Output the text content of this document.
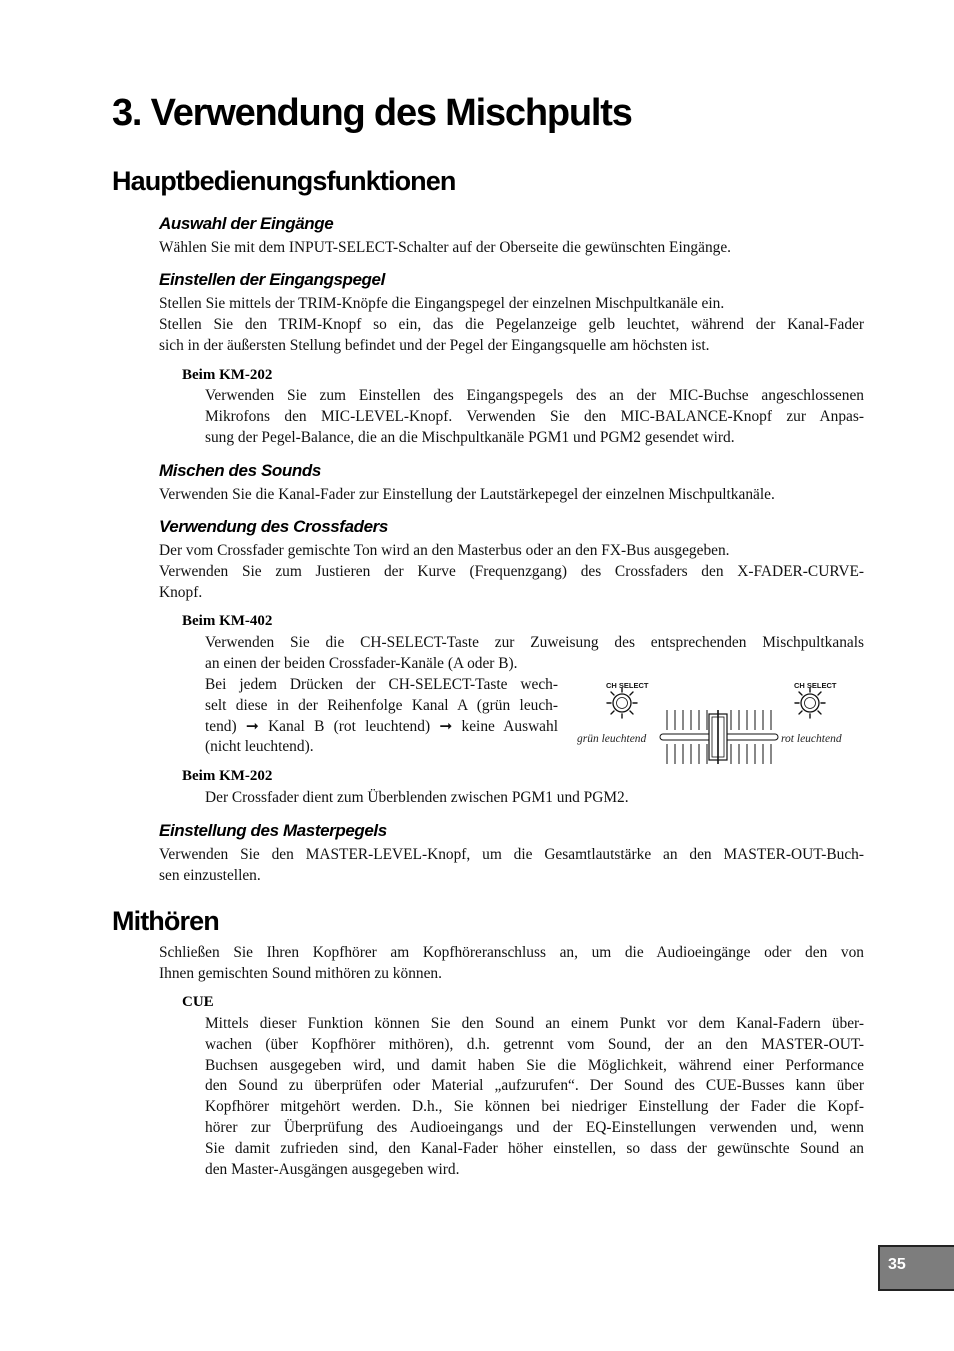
3. Verwendung des Mischpults
Hauptbedienungsfunktionen
Auswahl der Eingänge
Wählen Sie mit dem INPUT-SELECT-Schalter auf der Oberseite die gewünschten Eingänge.
Einstellen der Eingangspegel
Stellen Sie mittels der TRIM-Knöpfe die Eingangspegel der einzelnen Mischpultkanäle ein.
Stellen Sie den TRIM-Knopf so ein, das die Pegelanzeige gelb leuchtet, während der Kanal-Fader
sich in der äußersten Stellung befindet und der Pegel der Eingangsquelle am höchsten ist.
Beim KM-202
Verwenden Sie zum Einstellen des Eingangspegels des an der MIC-Buchse angeschlossenen
Mikrofons den MIC-LEVEL-Knopf. Verwenden Sie den MIC-BALANCE-Knopf zur Anpas-
sung der Pegel-Balance, die an die Mischpultkanäle PGM1 und PGM2 gesendet wird.
Mischen des Sounds
Verwenden Sie die Kanal-Fader zur Einstellung der Lautstärkepegel der einzelnen Mischpultkanäle.
Verwendung des Crossfaders
Der vom Crossfader gemischte Ton wird an den Masterbus oder an den FX-Bus ausgegeben.
Verwenden Sie zum Justieren der Kurve (Frequenzgang) des Crossfaders den X-FADER-CURVE-
Knopf.
Beim KM-402
Verwenden Sie die CH-SELECT-Taste zur Zuweisung des entsprechenden Mischpultkanals
an einen der beiden Crossfader-Kanäle (A oder B).
Bei jedem Drücken der CH-SELECT-Taste wech-
selt diese in der Reihenfolge Kanal A (grün leuch-
tend) ➞ Kanal B (rot leuchtend) ➞ keine Auswahl
(nicht leuchtend).
CH SELECT	CH SELECT
grün leuchtend	rot leuchtend
Beim KM-202
Der Crossfader dient zum Überblenden zwischen PGM1 und PGM2.
Einstellung des Masterpegels
Verwenden Sie den MASTER-LEVEL-Knopf, um die Gesamtlautstärke an den MASTER-OUT-Buch-
sen einzustellen.
Mithören
Schließen Sie Ihren Kopfhörer am Kopfhöreranschluss an, um die Audioeingänge oder den von
Ihnen gemischten Sound mithören zu können.
CUE
Mittels dieser Funktion können Sie den Sound an einem Punkt vor dem Kanal-Fadern über-
wachen (über Kopfhörer mithören), d.h. getrennt vom Sound, der an den MASTER-OUT-
Buchsen ausgegeben wird, und damit haben Sie die Möglichkeit, während einer Performance
den Sound zu überprüfen oder Material „aufzurufen“. Der Sound des CUE-Busses kann über
Kopfhörer mitgehört werden. D.h., Sie können bei niedriger Einstellung der Fader die Kopf-
hörer zur Überprüfung des Audioeingangs und der EQ-Einstellungen verwenden und, wenn
Sie damit zufrieden sind, den Kanal-Fader höher einstellen, so dass der gewünschte Sound an
den Master-Ausgängen ausgegeben wird.
35
